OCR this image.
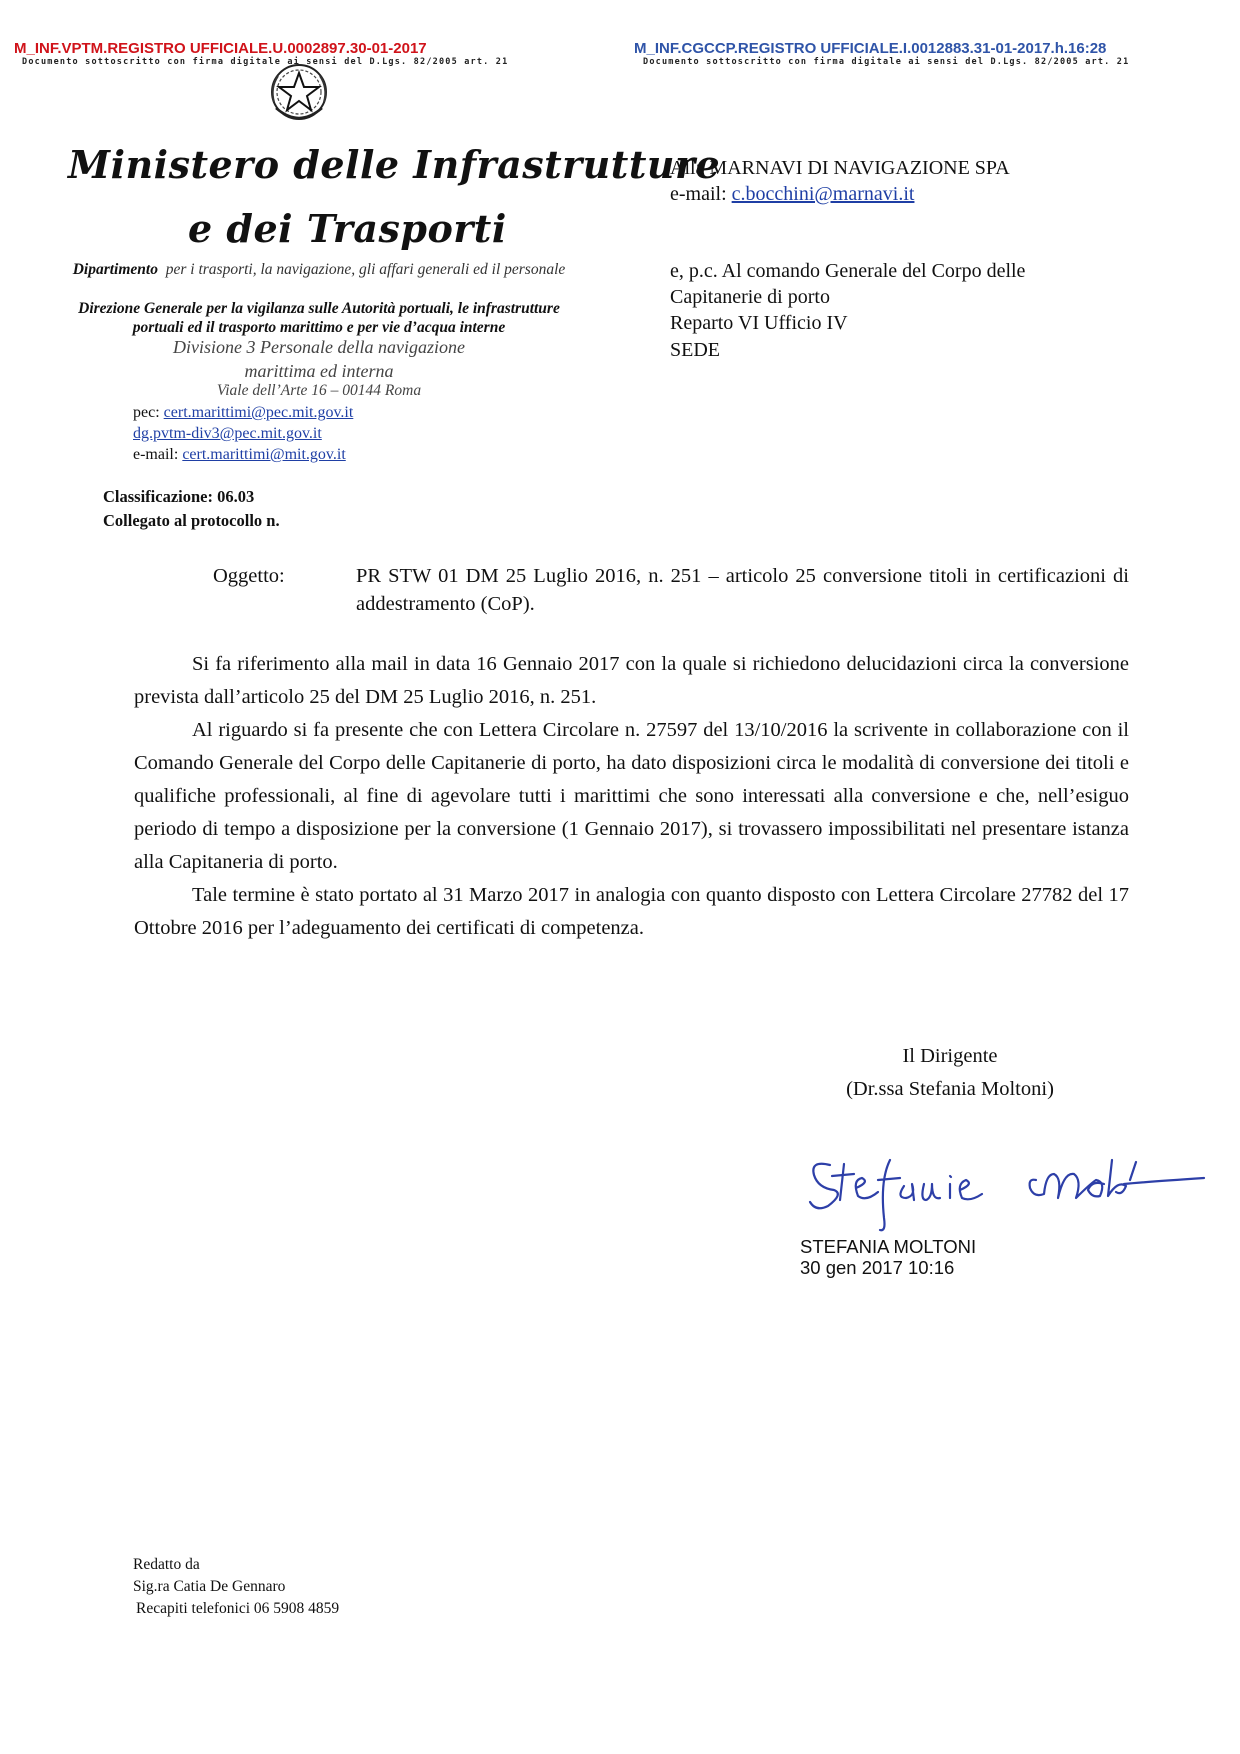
M_INF.VPTM.REGISTRO UFFICIALE.U.0002897.30-01-2017
Documento sottoscritto con firma digitale ai sensi del D.Lgs. 82/2005 art. 21
M_INF.CGCCP.REGISTRO UFFICIALE.I.0012883.31-01-2017.h.16:28
Documento sottoscritto con firma digitale ai sensi del D.Lgs. 82/2005 art. 21
Ministero delle Infrastrutture
e dei Trasporti
Dipartimento per i trasporti, la navigazione, gli affari generali ed il personale
Direzione Generale per la vigilanza sulle Autorità portuali, le infrastrutture portuali ed il trasporto marittimo e per vie d’acqua interne
Divisione 3 Personale della navigazione
marittima ed interna
Viale dell’Arte 16 – 00144 Roma
pec: cert.marittimi@pec.mit.gov.it
dg.pvtm-div3@pec.mit.gov.it
e-mail: cert.marittimi@mit.gov.it
Classificazione: 06.03
Collegato al protocollo n.
Alla MARNAVI DI NAVIGAZIONE SPA
e-mail: c.bocchini@marnavi.it
e, p.c. Al comando Generale del Corpo delle
Capitanerie di porto
Reparto VI Ufficio IV
SEDE
Oggetto:	PR STW 01 DM 25 Luglio 2016, n. 251 – articolo 25 conversione titoli in certificazioni di addestramento (CoP).

Si fa riferimento alla mail in data 16 Gennaio 2017 con la quale si richiedono delucidazioni circa la conversione prevista dall’articolo 25 del DM 25 Luglio 2016, n. 251.

Al riguardo si fa presente che con Lettera Circolare n. 27597 del 13/10/2016 la scrivente in collaborazione con il Comando Generale del Corpo delle Capitanerie di porto, ha dato disposizioni circa le modalità di conversione dei titoli e qualifiche professionali, al fine di agevolare tutti i marittimi che sono interessati alla conversione e che, nell’esiguo periodo di tempo a disposizione per la conversione (1 Gennaio 2017), si trovassero impossibilitati nel presentare istanza alla Capitaneria di porto.

Tale termine è stato portato al 31 Marzo 2017 in analogia con quanto disposto con Lettera Circolare 27782 del 17 Ottobre 2016 per l’adeguamento dei certificati di competenza.

Il Dirigente
(Dr.ssa Stefania Moltoni)
STEFANIA MOLTONI
30 gen 2017 10:16
Redatto da
Sig.ra Catia De Gennaro
Recapiti telefonici 06 5908 4859
